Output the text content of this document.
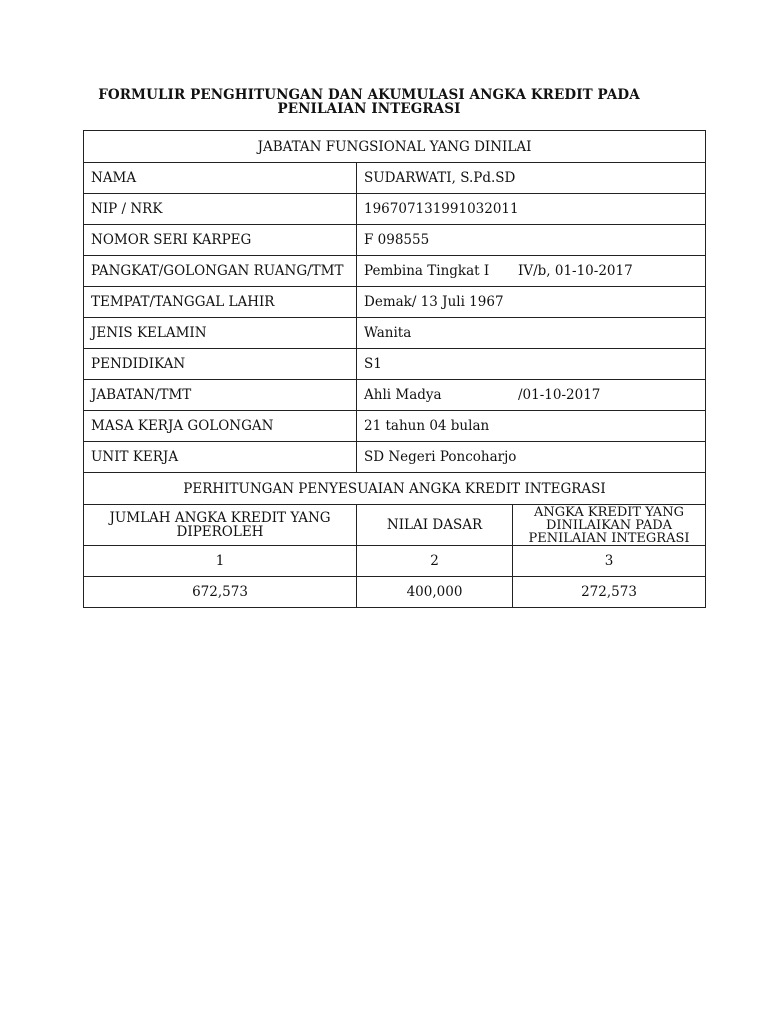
FORMULIR PENGHITUNGAN DAN AKUMULASI ANGKA KREDIT PADA
PENILAIAN INTEGRASI
JABATAN FUNGSIONAL YANG DINILAI		
NAMA	SUDARWATI, S.Pd.SD	
NIP / NRK	196707131991032011	
NOMOR SERI KARPEG	F 098555	
PANGKAT/GOLONGAN RUANG/TMT	Pembina Tingkat I IV/b, 01-10-2017	
TEMPAT/TANGGAL LAHIR	Demak/ 13 Juli 1967	
JENIS KELAMIN	Wanita	
PENDIDIKAN	S1	
JABATAN/TMT	Ahli Madya /01-10-2017	
MASA KERJA GOLONGAN	21 tahun 04 bulan	
UNIT KERJA	SD Negeri Poncoharjo	
PERHITUNGAN PENYESUAIAN ANGKA KREDIT INTEGRASI		
JUMLAH ANGKA KREDIT YANG DIPEROLEH	NILAI DASAR	ANGKA KREDIT YANG DINILAIKAN PADA PENILAIAN INTEGRASI
1	2	3
672,573	400,000	272,573
